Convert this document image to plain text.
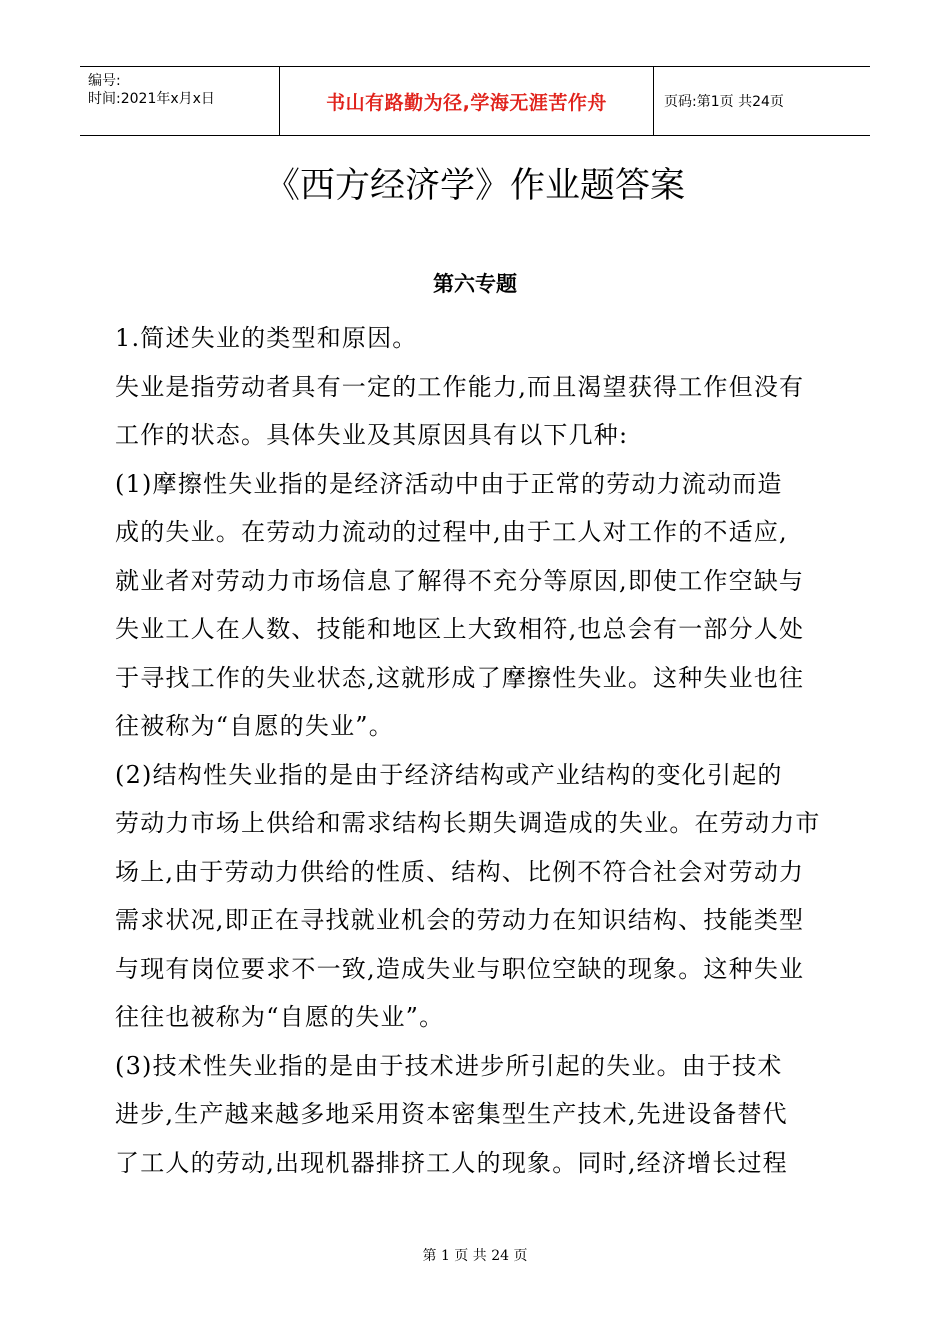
编号:
时间:2021年x月x日	书山有路勤为径,学海无涯苦作舟	页码:第1页 共24页
《西方经济学》作业题答案
第六专题
1.简述失业的类型和原因。
失业是指劳动者具有一定的工作能力,而且渴望获得工作但没有
工作的状态。具体失业及其原因具有以下几种:
(1)摩擦性失业指的是经济活动中由于正常的劳动力流动而造
成的失业。在劳动力流动的过程中,由于工人对工作的不适应,
就业者对劳动力市场信息了解得不充分等原因,即使工作空缺与
失业工人在人数、技能和地区上大致相符,也总会有一部分人处
于寻找工作的失业状态,这就形成了摩擦性失业。这种失业也往
往被称为“自愿的失业”。
(2)结构性失业指的是由于经济结构或产业结构的变化引起的
劳动力市场上供给和需求结构长期失调造成的失业。在劳动力市
场上,由于劳动力供给的性质、结构、比例不符合社会对劳动力
需求状况,即正在寻找就业机会的劳动力在知识结构、技能类型
与现有岗位要求不一致,造成失业与职位空缺的现象。这种失业
往往也被称为“自愿的失业”。
(3)技术性失业指的是由于技术进步所引起的失业。由于技术
进步,生产越来越多地采用资本密集型生产技术,先进设备替代
了工人的劳动,出现机器排挤工人的现象。同时,经济增长过程
第 1 页 共 24 页
